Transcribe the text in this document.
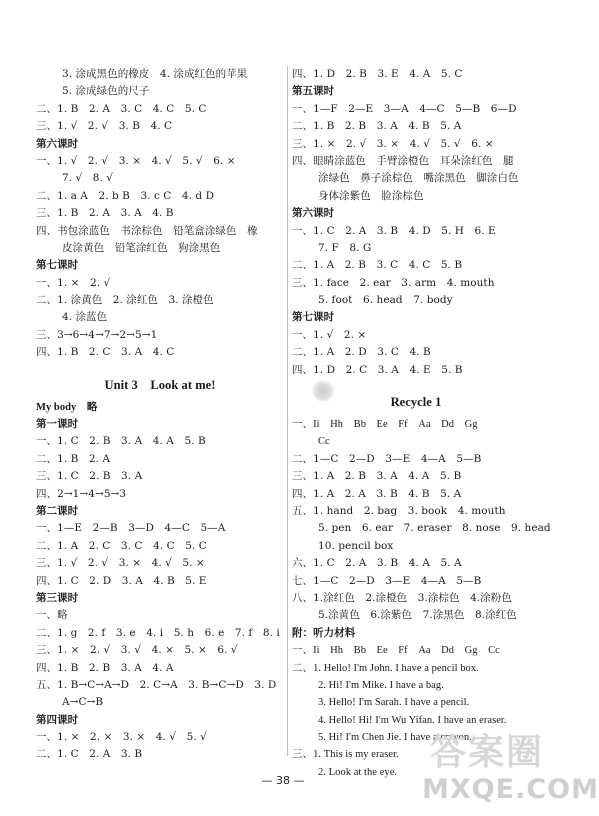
3. 涂成黑色的橡皮　4. 涂成红色的苹果
5. 涂成绿色的尺子
二、1. B　2. A　3. C　4. C　5. C
三、1. √　2. √　3. B　4. C
第六课时
一、1. √　2. √　3. ×　4. √　5. √　6. ×
7. √　8. √
二、1. a A　2. b B　3. c C　4. d D
三、1. B　2. A　3. A　4. B
四、书包涂蓝色　书涂棕色　铅笔盒涂绿色　橡
皮涂黄色　铅笔涂红色　狗涂黑色
第七课时
一、1. ×　2. √
二、1. 涂黄色　2. 涂红色　3. 涂橙色
4. 涂蓝色
三、3→6→4→7→2→5→1
四、1. B　2. C　3. A　4. C
Unit 3　Look at me!
My body　略
第一课时
一、1. C　2. B　3. A　4. A　5. B
二、1. B　2. A
三、1. C　2. B　3. A
四、2→1→4→5→3
第二课时
一、1—E　2—B　3—D　4—C　5—A
二、1. A　2. C　3. C　4. C　5. C
三、1. √　2. √　3. ×　4. √　5. ×
四、1. C　2. D　3. A　4. B　5. E
第三课时
一、略
二、1. g　2. f　3. e　4. i　5. h　6. e　7. f　8. i
三、1. ×　2. √　3. √　4. ×　5. ×　6. √
四、1. B　2. B　3. A　4. A
五、1. B→C→A→D　2. C→A　3. B→C→D　3. D
A→C→B
第四课时
一、1. ×　2. ×　3. ×　4. √　5. √
二、1. C　2. A　3. B
四、1. D　2. B　3. E　4. A　5. C
第五课时
一、1—F　2—E　3—A　4—C　5—B　6—D
二、1. B　2. B　3. A　4. B　5. A
三、1. ×　2. √　3. ×　4. √　5. √　6. ×
四、眼睛涂蓝色　手臂涂橙色　耳朵涂红色　腿
涂绿色　鼻子涂棕色　嘴涂黑色　脚涂白色
身体涂紫色　脸涂棕色
第六课时
一、1. C　2. A　3. B　4. D　5. H　6. E
7. F　8. G
二、1. A　2. B　3. C　4. C　5. B
三、1. face　2. ear　3. arm　4. mouth
5. foot　6. head　7. body
第七课时
一、1. √　2. ×
二、1. A　2. D　3. C　4. B
四、1. D　2. C　3. A　4. E　5. B
Recycle 1
一、Ii　Hh　Bb　Ee　Ff　Aa　Dd　Gg
Cc
二、1—C　2—D　3—E　4—A　5—B
三、1. A　2. B　3. A　4. A　5. B
四、1. A　2. A　3. B　4. B　5. A
五、1. hand　2. bag　3. book　4. mouth
5. pen　6. ear　7. eraser　8. nose　9. head
10. pencil box
六、1. C　2. A　3. B　4. A　5. A
七、1—C　2—D　3—E　4—A　5—B
八、1.涂红色　2.涂橙色　3.涂棕色　4.涂粉色
5.涂黄色　6.涂紫色　7.涂黑色　8.涂红色
附：听力材料
一、Ii　Hh　Bb　Ee　Ff　Aa　Dd　Gg　Cc
二、1. Hello! I'm John. I have a pencil box.
2. Hi! I'm Mike. I have a bag.
3. Hello! I'm Sarah. I have a pencil.
4. Hello! Hi! I'm Wu Yifan. I have an eraser.
5. Hi! I'm Chen Jie. I have a crayon.
三、1. This is my eraser.
2. Look at the eye.
— 38 —
答案圈
MXQE.COM
